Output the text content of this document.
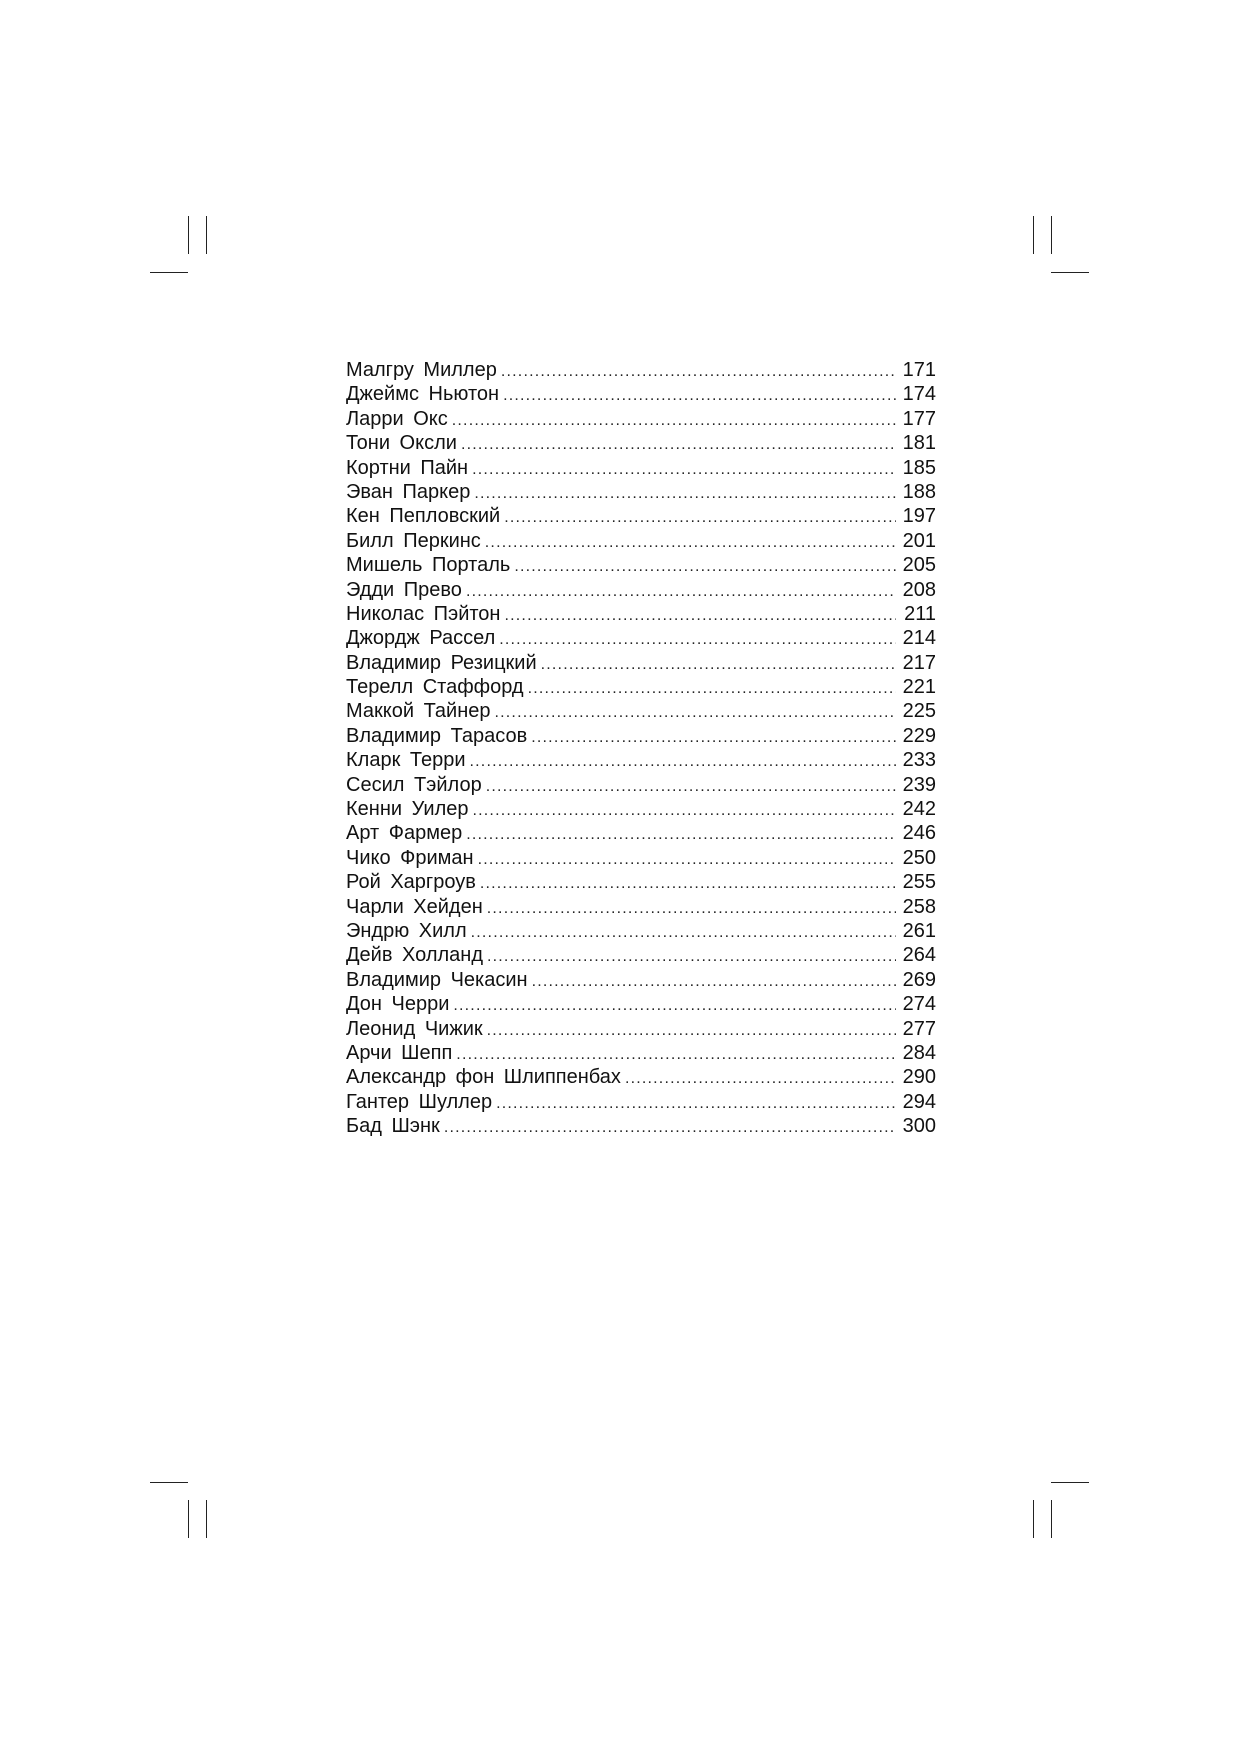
Малгру Миллер .....	171
Джеймс Ньютон .....	174
Ларри Окс .....	177
Тони Оксли .....	181
Кортни Пайн .....	185
Эван Паркер .....	188
Кен Пепловский .....	197
Билл Перкинс .....	201
Мишель Порталь .....	205
Эдди Прево .....	208
Николас Пэйтон .....	211
Джордж Рассел .....	214
Владимир Резицкий .....	217
Терелл Стаффорд .....	221
Маккой Тайнер .....	225
Владимир Тарасов .....	229
Кларк Терри .....	233
Сесил Тэйлор .....	239
Кенни Уилер .....	242
Арт Фармер .....	246
Чико Фриман .....	250
Рой Харгроув .....	255
Чарли Хейден .....	258
Эндрю Хилл .....	261
Дейв Холланд .....	264
Владимир Чекасин .....	269
Дон Черри .....	274
Леонид Чижик .....	277
Арчи Шепп .....	284
Александр фон Шлиппенбах .....	290
Гантер Шуллер .....	294
Бад Шэнк .....	300
